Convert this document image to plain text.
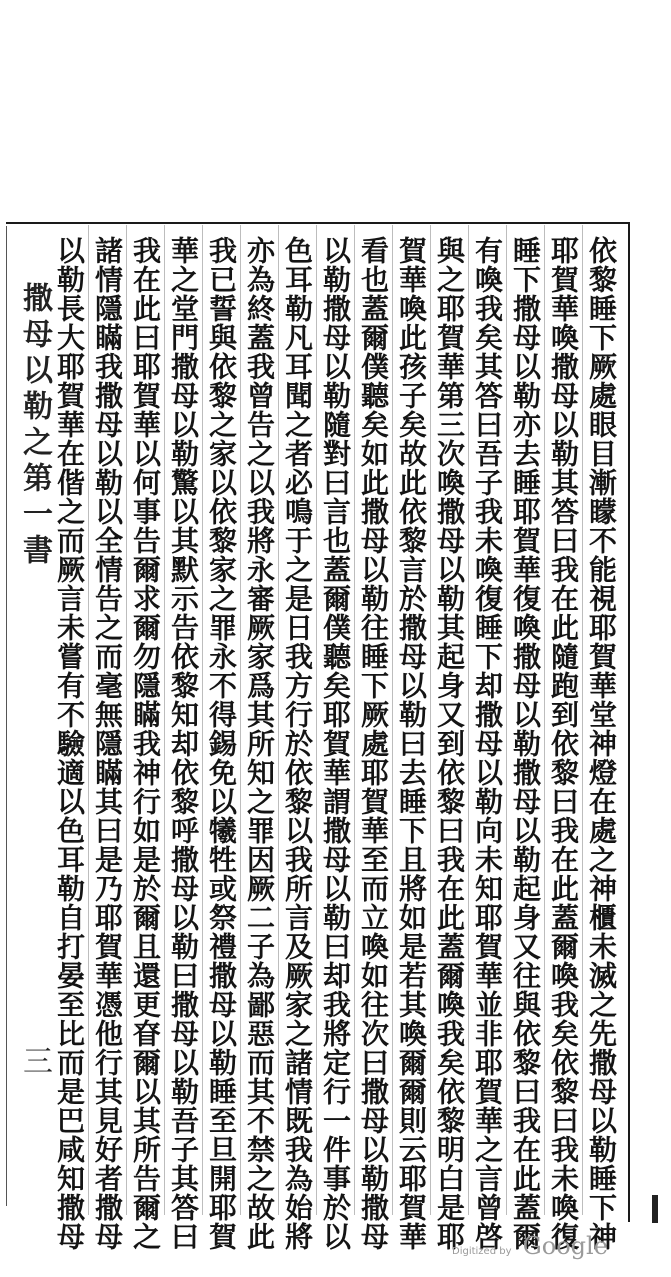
依黎睡下厥處眼目漸矇不能視耶賀華堂神燈在處之神櫃未滅之先撒母以勒睡下神
耶賀華喚撒母以勒其答曰我在此隨跑到依黎曰我在此蓋爾喚我矣依黎曰我未喚復
睡下撒母以勒亦去睡耶賀華復喚撒母以勒撒母以勒起身又往與依黎曰我在此蓋爾
有喚我矣其答曰吾子我未喚復睡下却撒母以勒向未知耶賀華並非耶賀華之言曾啓
與之耶賀華第三次喚撒母以勒其起身又到依黎曰我在此蓋爾喚我矣依黎明白是耶
賀華喚此孩子矣故此依黎言於撒母以勒曰去睡下且將如是若其喚爾爾則云耶賀華
看也蓋爾僕聽矣如此撒母以勒往睡下厥處耶賀華至而立喚如往次曰撒母以勒撒母
以勒撒母以勒隨對曰言也蓋爾僕聽矣耶賀華謂撒母以勒曰却我將定行一件事於以
色耳勒凡耳聞之者必鳴于之是日我方行於依黎以我所言及厥家之諸情既我為始將
亦為終蓋我曾告之以我將永審厥家爲其所知之罪因厥二子為鄙惡而其不禁之故此
我已誓與依黎之家以依黎家之罪永不得錫免以犧牲或祭禮撒母以勒睡至旦開耶賀
華之堂門撒母以勒驚以其默示告依黎知却依黎呼撒母以勒曰撒母以勒吾子其答曰
我在此曰耶賀華以何事告爾求爾勿隱瞞我神行如是於爾且還更眘爾以其所告爾之
諸情隱瞞我撒母以勒以全情告之而毫無隱瞞其曰是乃耶賀華憑他行其見好者撒母
以勒長大耶賀華在偕之而厥言未嘗有不驗適以色耳勒自打晏至比而是巴咸知撒母
撒母以勒之第一書
三
Digitized by Google
